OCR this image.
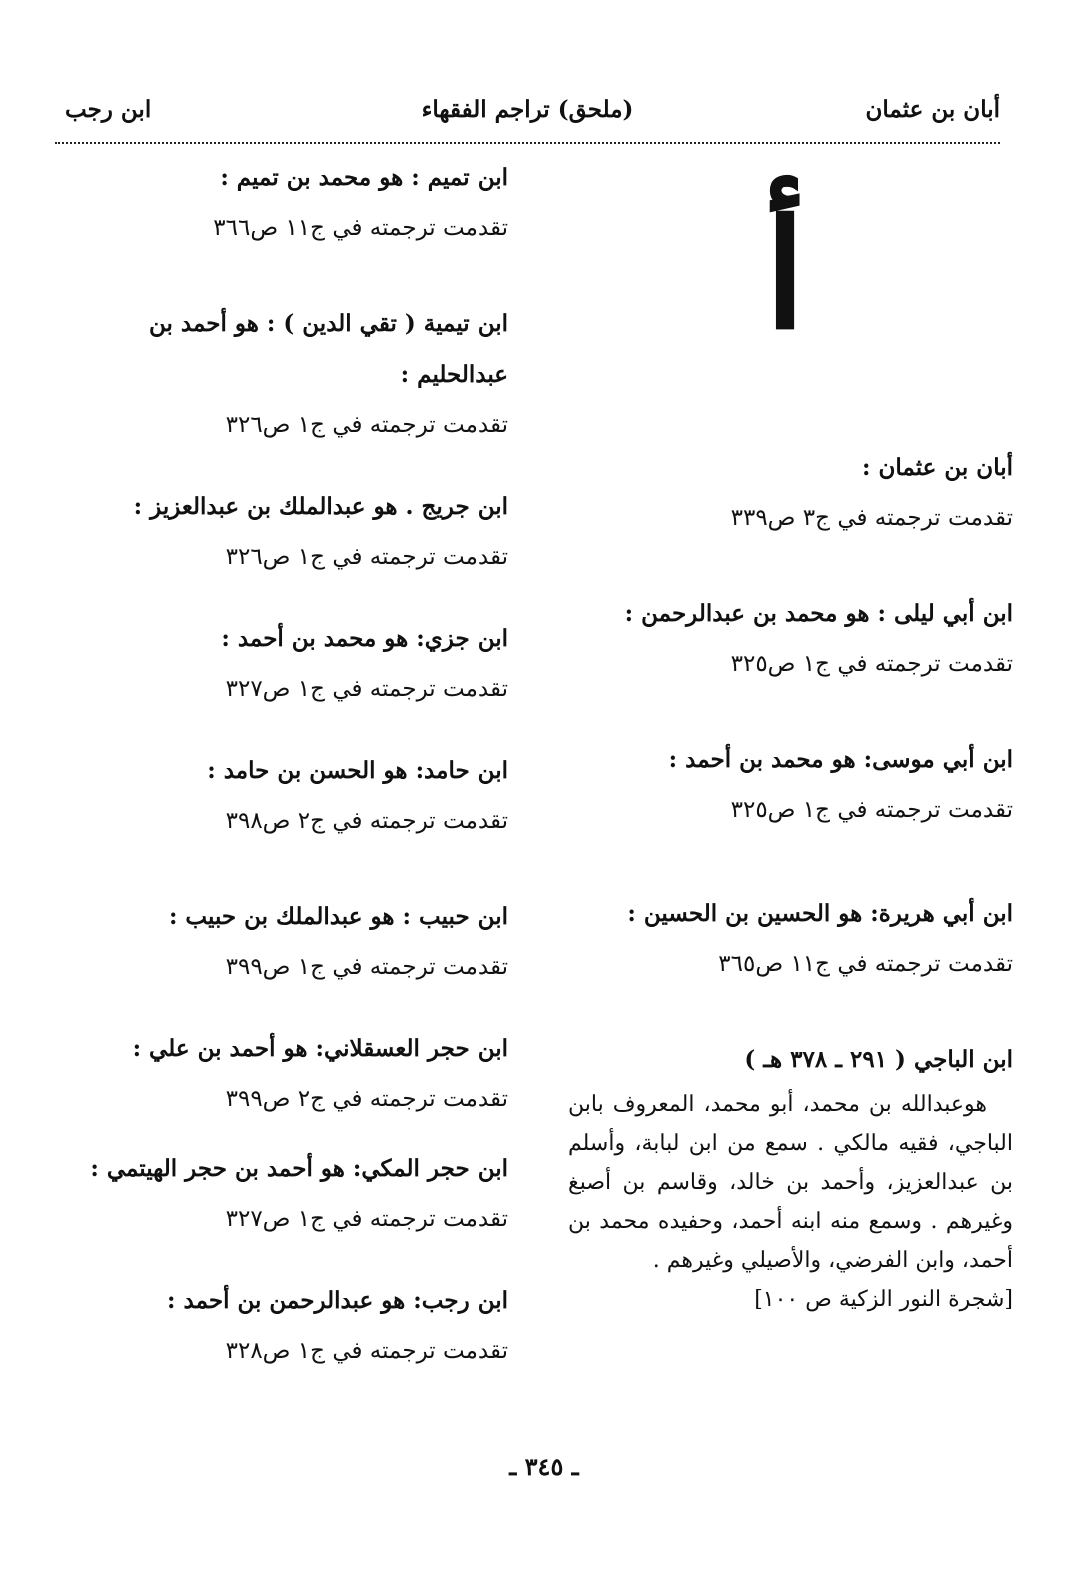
أبان بن عثمان
(ملحق) تراجم الفقهاء
ابن رجب
أ
أبان بن عثمان :
تقدمت ترجمته في ج٣ ص٣٣٩
ابن أبي ليلى : هو محمد بن عبدالرحمن :
تقدمت ترجمته في ج١ ص٣٢٥
ابن أبي موسى: هو محمد بن أحمد :
تقدمت ترجمته في ج١ ص٣٢٥
ابن أبي هريرة: هو الحسين بن الحسين :
تقدمت ترجمته في ج١١ ص٣٦٥
ابن الباجي ( ٢٩١ ـ ٣٧٨ هـ )
هوعبدالله بن محمد، أبو محمد، المعروف بابن الباجي، فقيه مالكي . سمع من ابن لبابة، وأسلم بن عبدالعزيز، وأحمد بن خالد، وقاسم بن أصبغ وغيرهم . وسمع منه ابنه أحمد، وحفيده محمد بن أحمد، وابن الفرضي، والأصيلي وغيرهم .
[شجرة النور الزكية ص ١٠٠]
ابن تميم : هو محمد بن تميم :
تقدمت ترجمته في ج١١ ص٣٦٦
ابن تيمية ( تقي الدين ) : هو أحمد بن عبدالحليم :
تقدمت ترجمته في ج١ ص٣٢٦
ابن جريج . هو عبدالملك بن عبدالعزيز :
تقدمت ترجمته في ج١ ص٣٢٦
ابن جزي: هو محمد بن أحمد :
تقدمت ترجمته في ج١ ص٣٢٧
ابن حامد: هو الحسن بن حامد :
تقدمت ترجمته في ج٢ ص٣٩٨
ابن حبيب : هو عبدالملك بن حبيب :
تقدمت ترجمته في ج١ ص٣٩٩
ابن حجر العسقلاني: هو أحمد بن علي :
تقدمت ترجمته في ج٢ ص٣٩٩
ابن حجر المكي: هو أحمد بن حجر الهيتمي :
تقدمت ترجمته في ج١ ص٣٢٧
ابن رجب: هو عبدالرحمن بن أحمد :
تقدمت ترجمته في ج١ ص٣٢٨
ـ ٣٤٥ ـ
